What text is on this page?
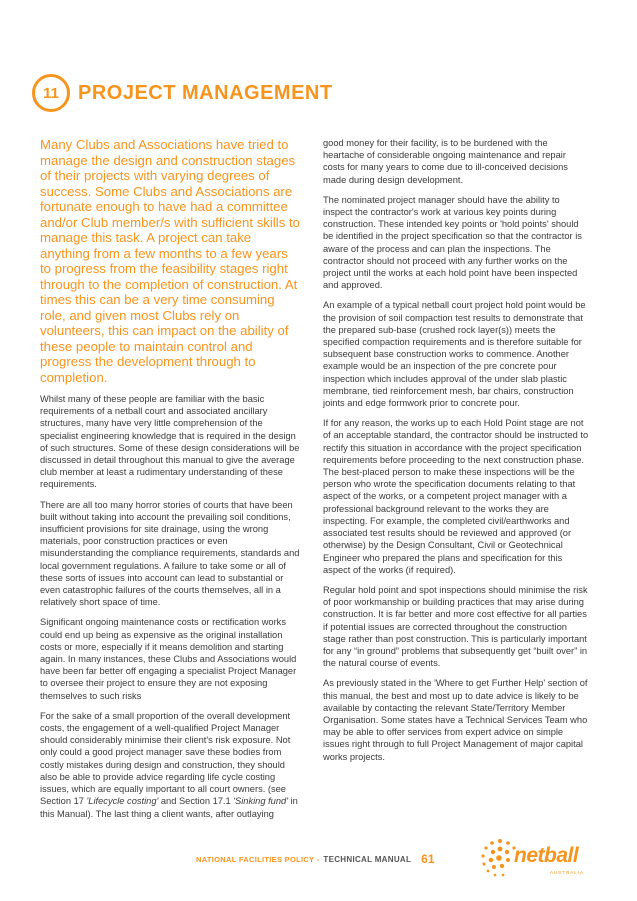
11 PROJECT MANAGEMENT

Many Clubs and Associations have tried to manage the design and construction stages of their projects with varying degrees of success. Some Clubs and Associations are fortunate enough to have had a committee and/or Club member/s with sufficient skills to manage this task. A project can take anything from a few months to a few years to progress from the feasibility stages right through to the completion of construction. At times this can be a very time consuming role, and given most Clubs rely on volunteers, this can impact on the ability of these people to maintain control and progress the development through to completion.

Whilst many of these people are familiar with the basic requirements of a netball court and associated ancillary structures, many have very little comprehension of the specialist engineering knowledge that is required in the design of such structures. Some of these design considerations will be discussed in detail throughout this manual to give the average club member at least a rudimentary understanding of these requirements.

There are all too many horror stories of courts that have been built without taking into account the prevailing soil conditions, insufficient provisions for site drainage, using the wrong materials, poor construction practices or even misunderstanding the compliance requirements, standards and local government regulations. A failure to take some or all of these sorts of issues into account can lead to substantial or even catastrophic failures of the courts themselves, all in a relatively short space of time.

Significant ongoing maintenance costs or rectification works could end up being as expensive as the original installation costs or more, especially if it means demolition and starting again. In many instances, these Clubs and Associations would have been far better off engaging a specialist Project Manager to oversee their project to ensure they are not exposing themselves to such risks

For the sake of a small proportion of the overall development costs, the engagement of a well-qualified Project Manager should considerably minimise their client's risk exposure. Not only could a good project manager save these bodies from costly mistakes during design and construction, they should also be able to provide advice regarding life cycle costing issues, which are equally important to all court owners. (see Section 17 'Lifecycle costing' and Section 17.1 'Sinking fund' in this Manual). The last thing a client wants, after outlaying

good money for their facility, is to be burdened with the heartache of considerable ongoing maintenance and repair costs for many years to come due to ill-conceived decisions made during design development.

The nominated project manager should have the ability to inspect the contractor's work at various key points during construction. These intended key points or 'hold points' should be identified in the project specification so that the contractor is aware of the process and can plan the inspections. The contractor should not proceed with any further works on the project until the works at each hold point have been inspected and approved.

An example of a typical netball court project hold point would be the provision of soil compaction test results to demonstrate that the prepared sub-base (crushed rock layer(s)) meets the specified compaction requirements and is therefore suitable for subsequent base construction works to commence. Another example would be an inspection of the pre concrete pour inspection which includes approval of the under slab plastic membrane, tied reinforcement mesh, bar chairs, construction joints and edge formwork prior to concrete pour.

If for any reason, the works up to each Hold Point stage are not of an acceptable standard, the contractor should be instructed to rectify this situation in accordance with the project specification requirements before proceeding to the next construction phase. The best-placed person to make these inspections will be the person who wrote the specification documents relating to that aspect of the works, or a competent project manager with a professional background relevant to the works they are inspecting. For example, the completed civil/earthworks and associated test results should be reviewed and approved (or otherwise) by the Design Consultant, Civil or Geotechnical Engineer who prepared the plans and specification for this aspect of the works (if required).

Regular hold point and spot inspections should minimise the risk of poor workmanship or building practices that may arise during construction. It is far better and more cost effective for all parties if potential issues are corrected throughout the construction stage rather than post construction. This is particularly important for any “in ground” problems that subsequently get “built over” in the natural course of events.

As previously stated in the 'Where to get Further Help' section of this manual, the best and most up to date advice is likely to be available by contacting the relevant State/Territory Member Organisation. Some states have a Technical Services Team who may be able to offer services from expert advice on simple issues right through to full Project Management of major capital works projects.

NATIONAL FACILITIES POLICY - TECHNICAL MANUAL 61	netball
AUSTRALIA
